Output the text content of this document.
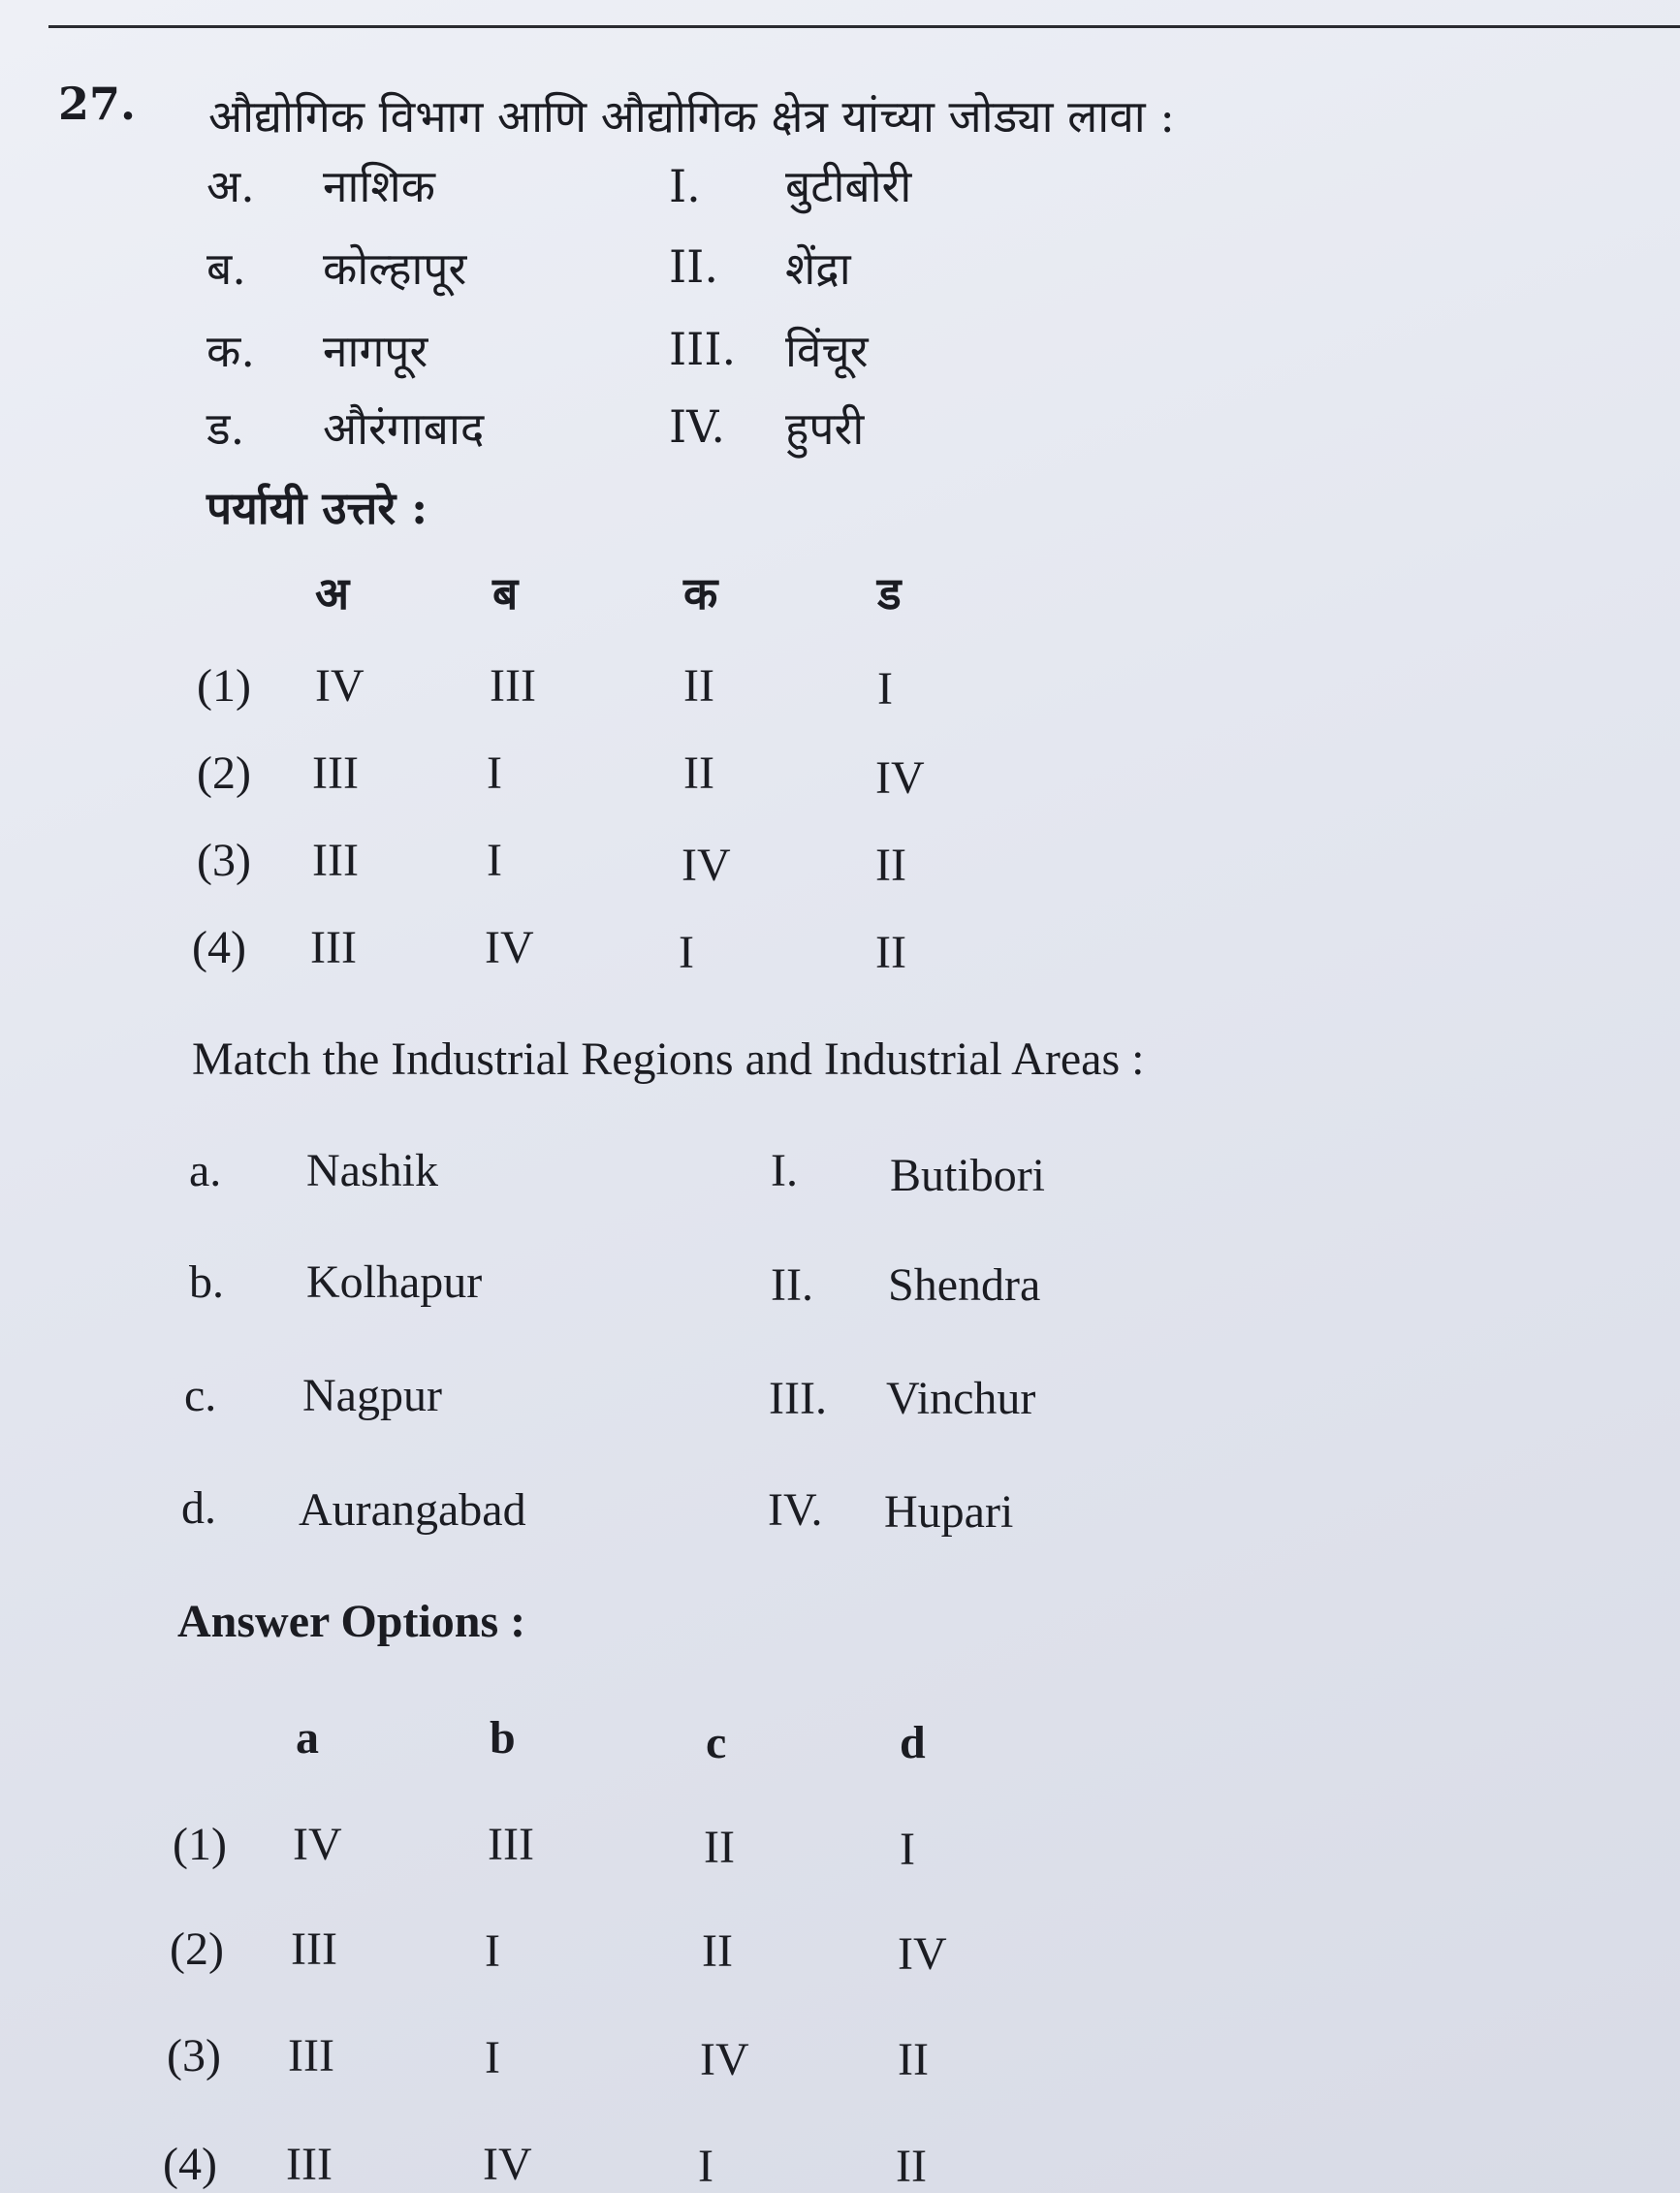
27. औद्योगिक विभाग आणि औद्योगिक क्षेत्र यांच्या जोड्या लावा :
अ. नाशिक	I. बुटीबोरी
ब. कोल्हापूर	II. शेंद्रा
क. नागपूर	III. विंचूर
ड. औरंगाबाद	IV. हुपरी
पर्यायी उत्तरे :
अ	ब	क	ड
(1) IV	III	II	I
(2) III	I	II	IV
(3) III	I	IV	II
(4) III	IV	I	II
Match the Industrial Regions and Industrial Areas :
a. Nashik	I. Butibori
b. Kolhapur	II. Shendra
c. Nagpur	III. Vinchur
d. Aurangabad	IV. Hupari
Answer Options :
a	b	c	d
(1) IV	III	II	I
(2) III	I	II	IV
(3) III	I	IV	II
(4) III	IV	I	II
